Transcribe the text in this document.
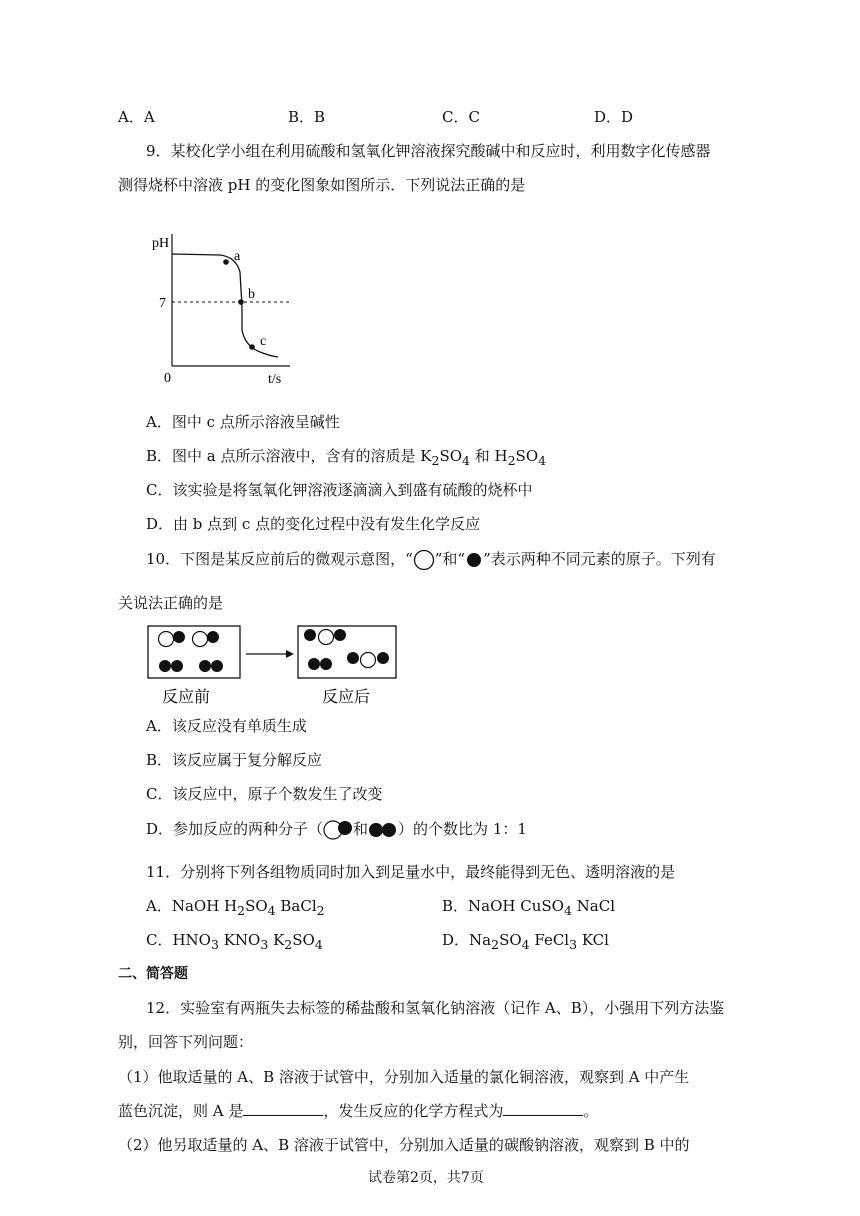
A．A	B．B	C．C	D．D
9．某校化学小组在利用硫酸和氢氧化钾溶液探究酸碱中和反应时，利用数字化传感器
测得烧杯中溶液 pH 的变化图象如图所示．下列说法正确的是
pH
t/s
0
7
a
b
c
A．图中 c 点所示溶液呈碱性
B．图中 a 点所示溶液中，含有的溶质是 $K_2SO_4$ 和 $H_2SO_4$
C．该实验是将氢氧化钾溶液逐滴滴入到盛有硫酸的烧杯中
D．由 b 点到 c 点的变化过程中没有发生化学反应
10．下图是某反应前后的微观示意图，“ ”和“ ”表示两种不同元素的原子。下列有
关说法正确的是
反应前	反应后
A．该反应没有单质生成
B．该反应属于复分解反应
C．该反应中，原子个数发生了改变
D．参加反应的两种分子（ 和 ）的个数比为 1：1
11．分别将下列各组物质同时加入到足量水中，最终能得到无色、透明溶液的是
A．NaOH $H_2SO_4$ BaCl$_2$	B．NaOH CuSO$_4$ NaCl
C．$HNO_3$ $KNO_3$ $K_2SO_4$	D．$Na_2SO_4$ FeCl$_3$ KCl
二、简答题
12．实验室有两瓶失去标签的稀盐酸和氢氧化钠溶液（记作 A、B），小强用下列方法鉴
别，回答下列问题：
（1）他取适量的 A、B 溶液于试管中，分别加入适量的氯化铜溶液，观察到 A 中产生
蓝色沉淀，则 A 是	，发生反应的化学方程式为	。
（2）他另取适量的 A、B 溶液于试管中，分别加入适量的碳酸钠溶液，观察到 B 中的
试卷第2页，共7页
